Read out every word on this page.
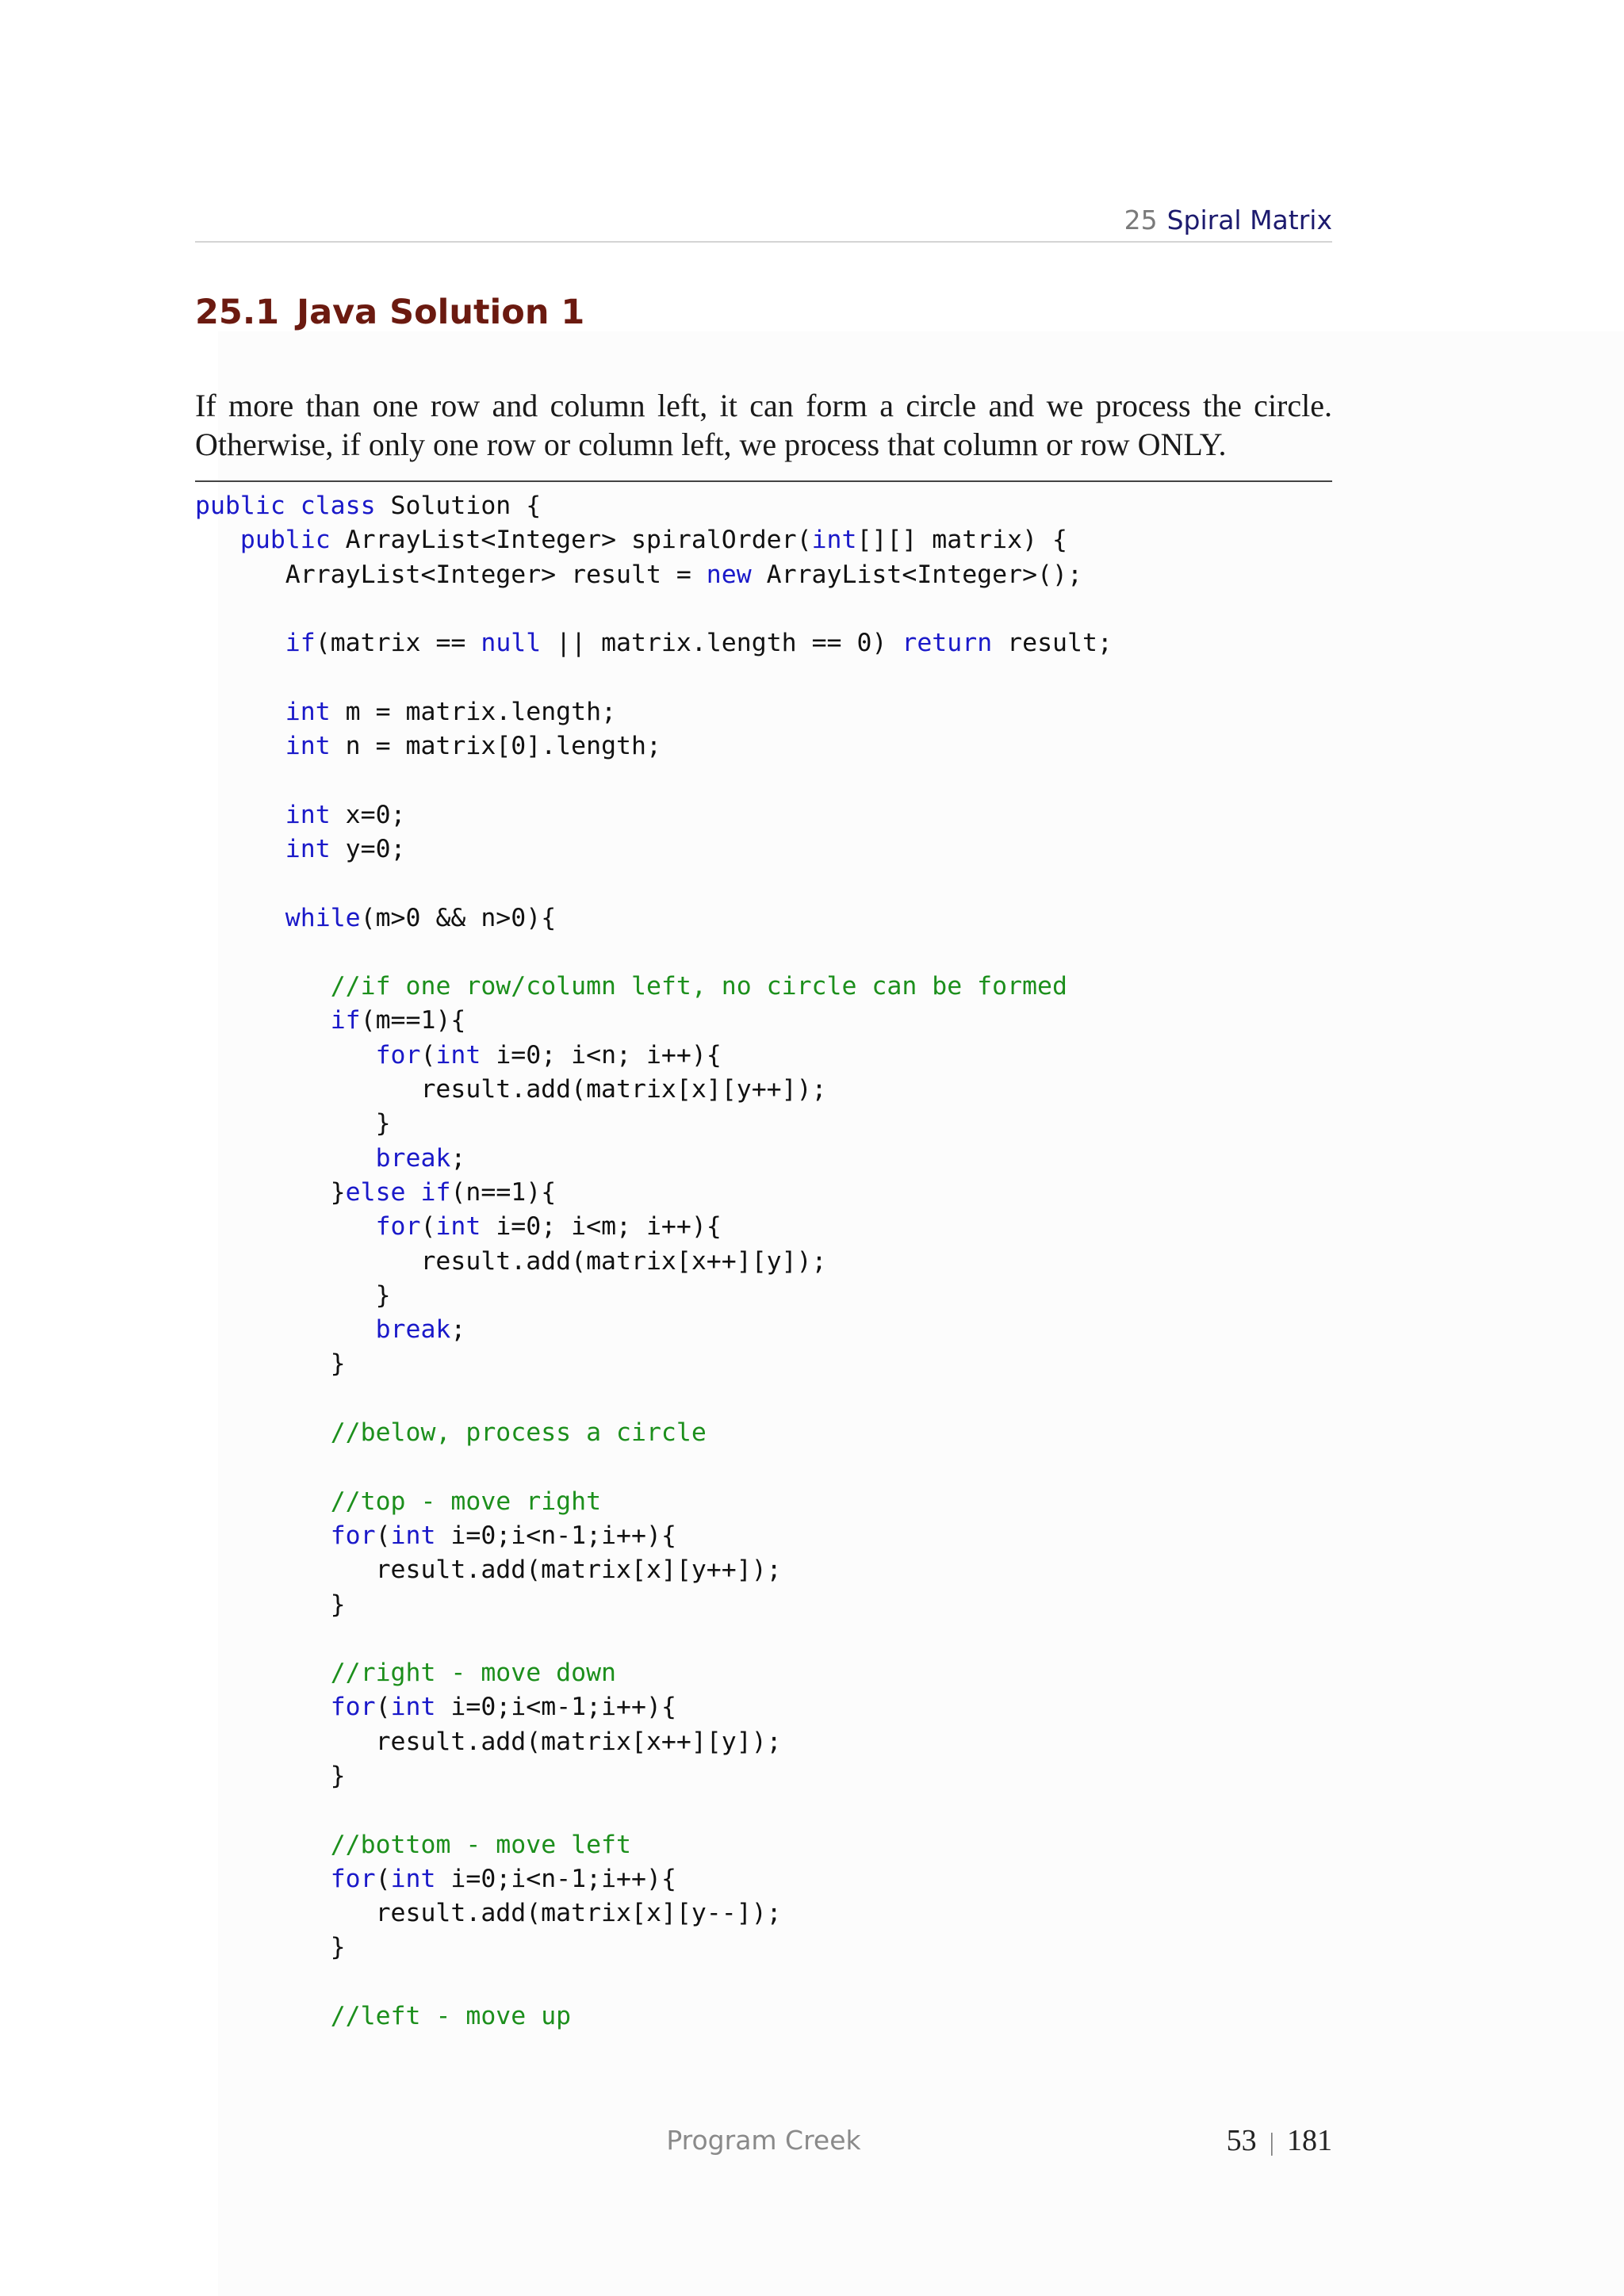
25 Spiral Matrix
25.1 Java Solution 1

If more than one row and column left, it can form a circle and we process the circle.
Otherwise, if only one row or column left, we process that column or row ONLY.

public class Solution {
public ArrayList<Integer> spiralOrder(int[][] matrix) {
ArrayList<Integer> result = new ArrayList<Integer>();
if(matrix == null || matrix.length == 0) return result;
int m = matrix.length;
int n = matrix[0].length;
int x=0;
int y=0;
while(m>0 && n>0){
//if one row/column left, no circle can be formed
if(m==1){
for(int i=0; i<n; i++){
result.add(matrix[x][y++]);
}
break;
}else if(n==1){
for(int i=0; i<m; i++){
result.add(matrix[x++][y]);
}
break;
}
//below, process a circle
//top - move right
for(int i=0;i<n-1;i++){
result.add(matrix[x][y++]);
}
//right - move down
for(int i=0;i<m-1;i++){
result.add(matrix[x++][y]);
}
//bottom - move left
for(int i=0;i<n-1;i++){
result.add(matrix[x][y--]);
}
//left - move up
Program Creek	53 | 181
